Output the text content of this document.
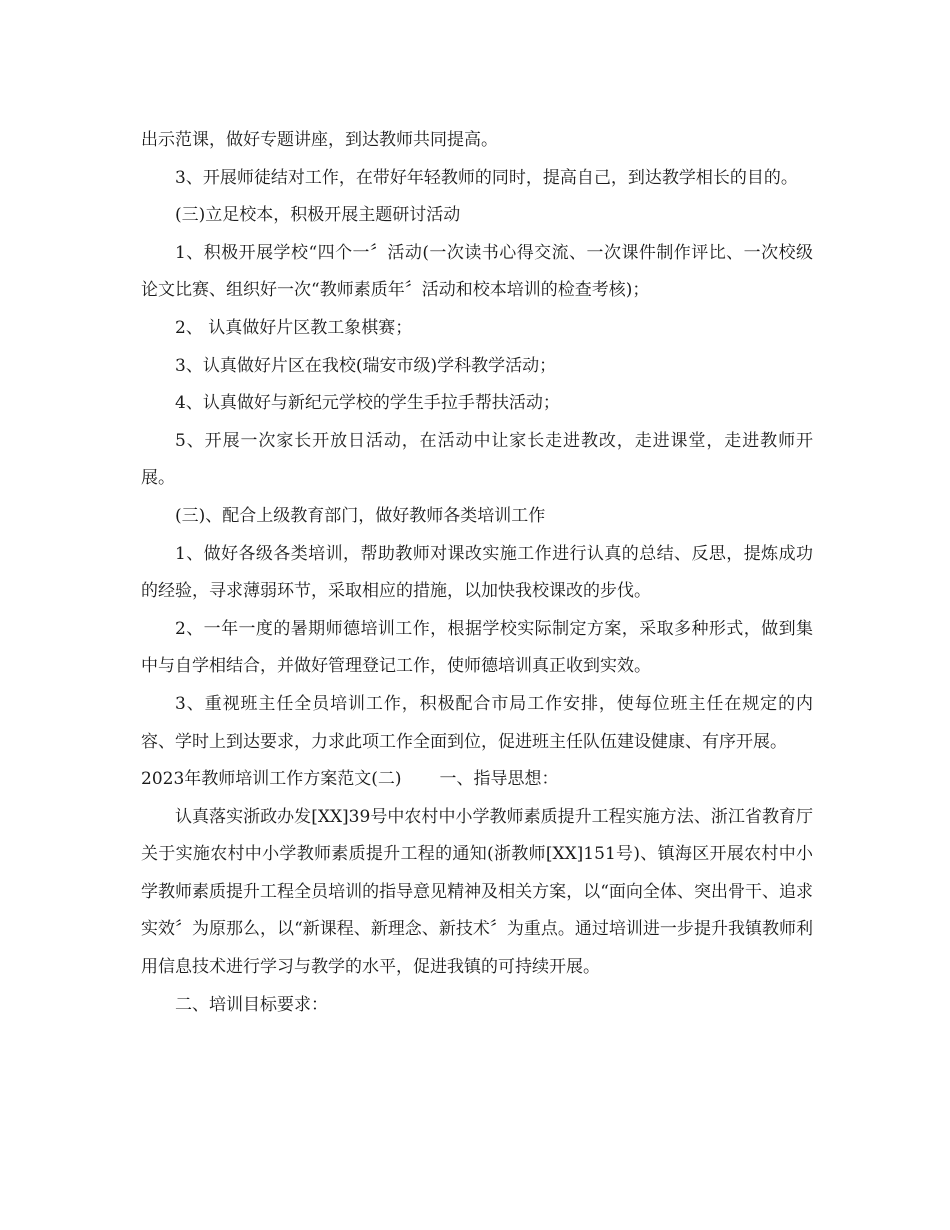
出示范课，做好专题讲座，到达教师共同提高。

3、开展师徒结对工作，在带好年轻教师的同时，提高自己，到达教学相长的目的。

(三)立足校本，积极开展主题研讨活动

1、积极开展学校“四个一〞活动(一次读书心得交流、一次课件制作评比、一次校级论文比赛、组织好一次“教师素质年〞活动和校本培训的检查考核)；

2、 认真做好片区教工象棋赛；

3、认真做好片区在我校(瑞安市级)学科教学活动；

4、认真做好与新纪元学校的学生手拉手帮扶活动；

5、开展一次家长开放日活动，在活动中让家长走进教改，走进课堂，走进教师开展。

(三)、配合上级教育部门，做好教师各类培训工作

1、做好各级各类培训，帮助教师对课改实施工作进行认真的总结、反思，提炼成功的经验，寻求薄弱环节，采取相应的措施，以加快我校课改的步伐。

2、一年一度的暑期师德培训工作，根据学校实际制定方案，采取多种形式，做到集中与自学相结合，并做好管理登记工作，使师德培训真正收到实效。

3、重视班主任全员培训工作，积极配合市局工作安排，使每位班主任在规定的内容、学时上到达要求，力求此项工作全面到位，促进班主任队伍建设健康、有序开展。

2023年教师培训工作方案范文(二) 一、指导思想：

认真落实浙政办发[XX]39号中农村中小学教师素质提升工程实施方法、浙江省教育厅关于实施农村中小学教师素质提升工程的通知(浙教师[XX]151号)、镇海区开展农村中小学教师素质提升工程全员培训的指导意见精神及相关方案，以“面向全体、突出骨干、追求实效〞为原那么，以“新课程、新理念、新技术〞为重点。通过培训进一步提升我镇教师利用信息技术进行学习与教学的水平，促进我镇的可持续开展。

二、培训目标要求：
